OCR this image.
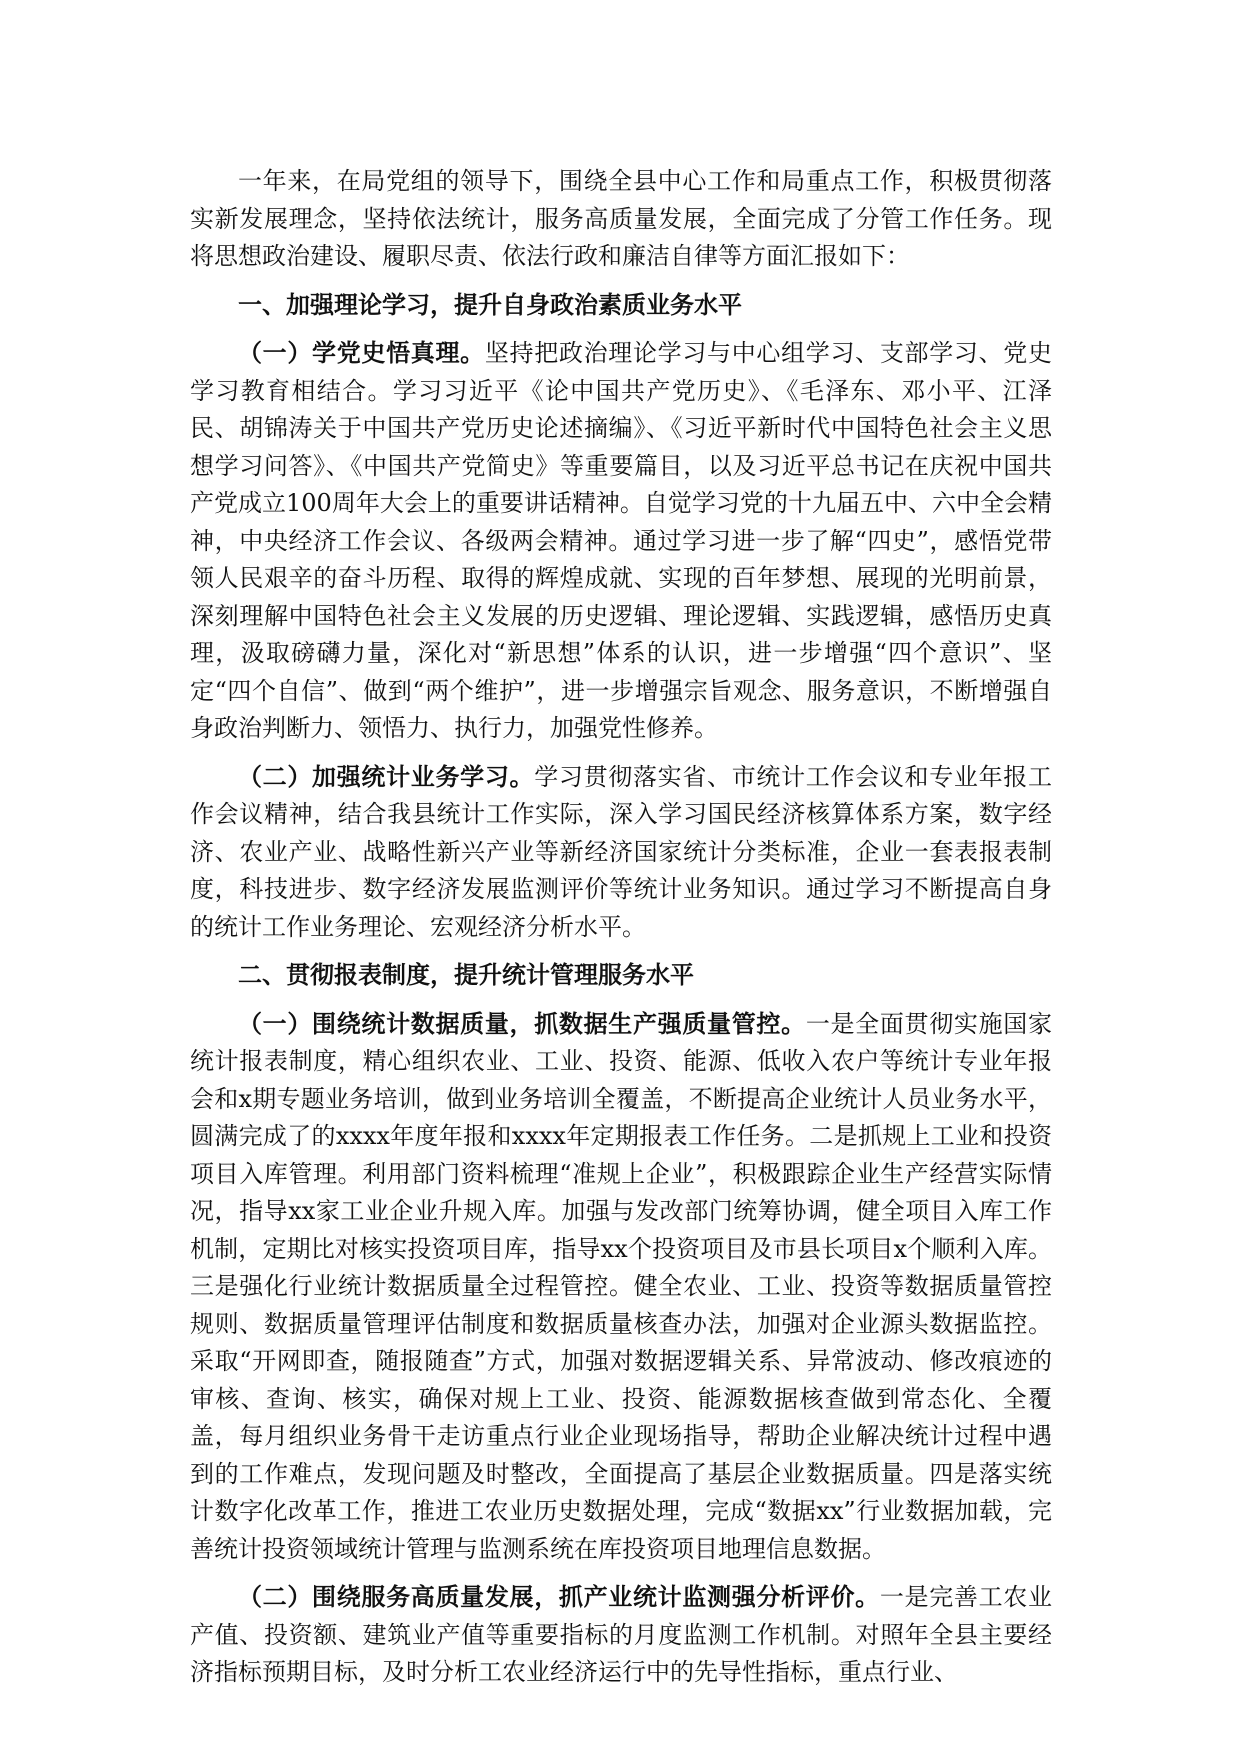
一年来，在局党组的领导下，围绕全县中心工作和局重点工作，积极贯彻落实新发展理念，坚持依法统计，服务高质量发展，全面完成了分管工作任务。现将思想政治建设、履职尽责、依法行政和廉洁自律等方面汇报如下：

一、加强理论学习，提升自身政治素质业务水平

（一）学党史悟真理。坚持把政治理论学习与中心组学习、支部学习、党史学习教育相结合。学习习近平《论中国共产党历史》、《毛泽东、邓小平、江泽民、胡锦涛关于中国共产党历史论述摘编》、《习近平新时代中国特色社会主义思想学习问答》、《中国共产党简史》等重要篇目，以及习近平总书记在庆祝中国共产党成立100周年大会上的重要讲话精神。自觉学习党的十九届五中、六中全会精神，中央经济工作会议、各级两会精神。通过学习进一步了解“四史”，感悟党带领人民艰辛的奋斗历程、取得的辉煌成就、实现的百年梦想、展现的光明前景，深刻理解中国特色社会主义发展的历史逻辑、理论逻辑、实践逻辑，感悟历史真理，汲取磅礴力量，深化对“新思想”体系的认识，进一步增强“四个意识”、坚定“四个自信”、做到“两个维护”，进一步增强宗旨观念、服务意识，不断增强自身政治判断力、领悟力、执行力，加强党性修养。

（二）加强统计业务学习。学习贯彻落实省、市统计工作会议和专业年报工作会议精神，结合我县统计工作实际，深入学习国民经济核算体系方案，数字经济、农业产业、战略性新兴产业等新经济国家统计分类标准，企业一套表报表制度，科技进步、数字经济发展监测评价等统计业务知识。通过学习不断提高自身的统计工作业务理论、宏观经济分析水平。

二、贯彻报表制度，提升统计管理服务水平

（一）围绕统计数据质量，抓数据生产强质量管控。一是全面贯彻实施国家统计报表制度，精心组织农业、工业、投资、能源、低收入农户等统计专业年报会和x期专题业务培训，做到业务培训全覆盖，不断提高企业统计人员业务水平，圆满完成了的xxxx年度年报和xxxx年定期报表工作任务。二是抓规上工业和投资项目入库管理。利用部门资料梳理“准规上企业”，积极跟踪企业生产经营实际情况，指导xx家工业企业升规入库。加强与发改部门统筹协调，健全项目入库工作机制，定期比对核实投资项目库，指导xx个投资项目及市县长项目x个顺利入库。三是强化行业统计数据质量全过程管控。健全农业、工业、投资等数据质量管控规则、数据质量管理评估制度和数据质量核查办法，加强对企业源头数据监控。采取“开网即查，随报随查”方式，加强对数据逻辑关系、异常波动、修改痕迹的审核、查询、核实，确保对规上工业、投资、能源数据核查做到常态化、全覆盖，每月组织业务骨干走访重点行业企业现场指导，帮助企业解决统计过程中遇到的工作难点，发现问题及时整改，全面提高了基层企业数据质量。四是落实统计数字化改革工作，推进工农业历史数据处理，完成“数据xx”行业数据加载，完善统计投资领域统计管理与监测系统在库投资项目地理信息数据。

（二）围绕服务高质量发展，抓产业统计监测强分析评价。一是完善工农业产值、投资额、建筑业产值等重要指标的月度监测工作机制。对照年全县主要经济指标预期目标，及时分析工农业经济运行中的先导性指标，重点行业、
